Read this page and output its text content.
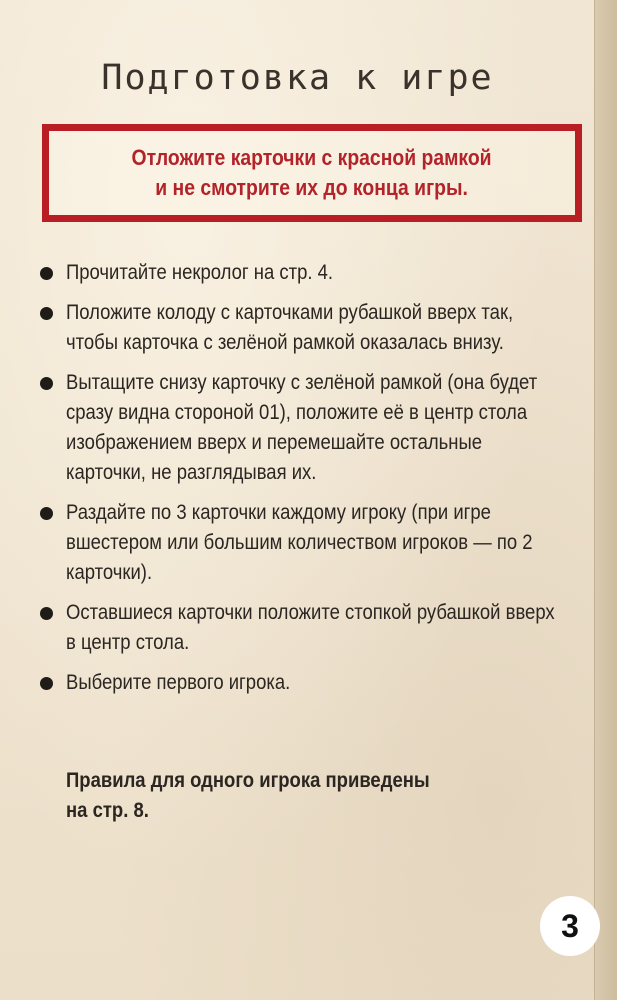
Подготовка к игре

Отложите карточки с красной рамкой
и не смотрите их до конца игры.

Прочитайте некролог на стр. 4.
Положите колоду с карточками рубашкой вверх так, чтобы карточка с зелёной рамкой оказалась внизу.
Вытащите снизу карточку с зелёной рамкой (она будет сразу видна стороной 01), положите её в центр стола изображением вверх и перемешайте остальные карточки, не разглядывая их.
Раздайте по 3 карточки каждому игроку (при игре вшестером или большим количеством игроков — по 2 карточки).
Оставшиеся карточки положите стопкой рубашкой вверх в центр стола.
Выберите первого игрока.

Правила для одного игрока приведены на стр. 8.

3
